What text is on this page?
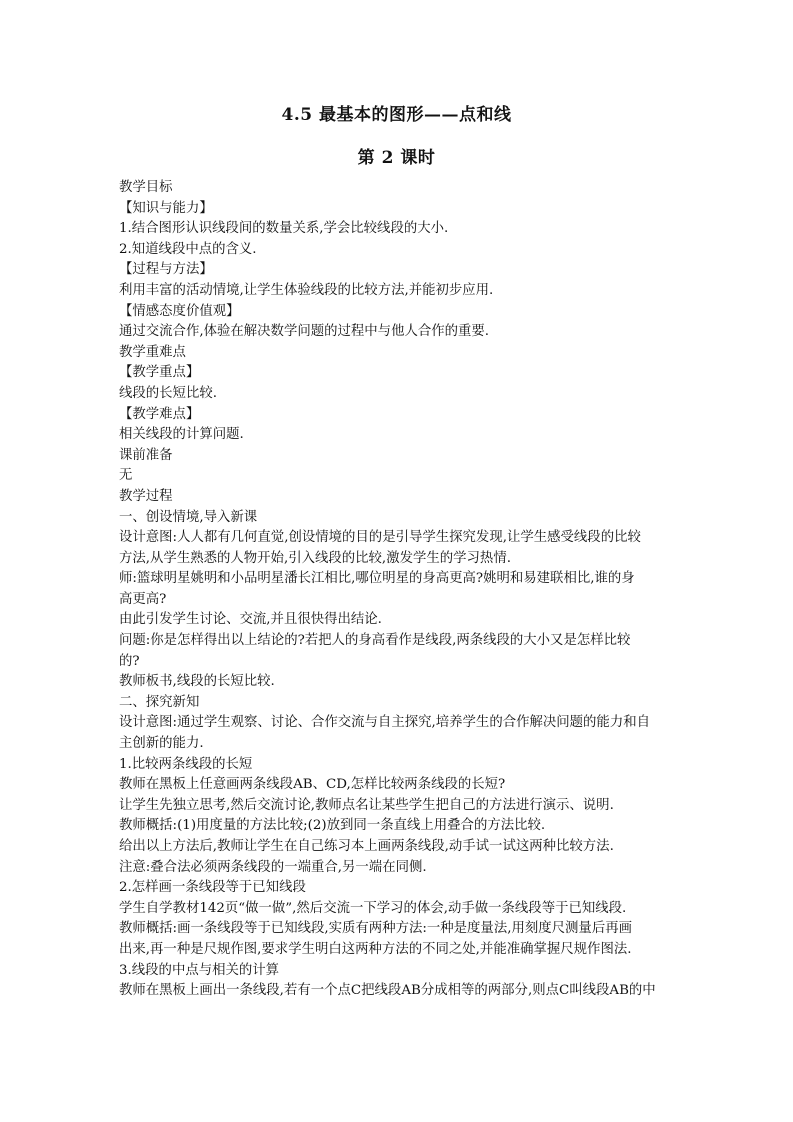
4.5 最基本的图形——点和线
第 2 课时

教学目标

【知识与能力】

1.结合图形认识线段间的数量关系,学会比较线段的大小.

2.知道线段中点的含义.

【过程与方法】

利用丰富的活动情境,让学生体验线段的比较方法,并能初步应用.

【情感态度价值观】

通过交流合作,体验在解决数学问题的过程中与他人合作的重要.

教学重难点

【教学重点】

线段的长短比较.

【教学难点】

相关线段的计算问题.

课前准备

无

教学过程

一、创设情境,导入新课

设计意图:人人都有几何直觉,创设情境的目的是引导学生探究发现,让学生感受线段的比较

方法,从学生熟悉的人物开始,引入线段的比较,激发学生的学习热情.

师:篮球明星姚明和小品明星潘长江相比,哪位明星的身高更高?姚明和易建联相比,谁的身

高更高?

由此引发学生讨论、交流,并且很快得出结论.

问题:你是怎样得出以上结论的?若把人的身高看作是线段,两条线段的大小又是怎样比较

的?

教师板书,线段的长短比较.

二、探究新知

设计意图:通过学生观察、讨论、合作交流与自主探究,培养学生的合作解决问题的能力和自

主创新的能力.

1.比较两条线段的长短

教师在黑板上任意画两条线段AB、CD,怎样比较两条线段的长短?

让学生先独立思考,然后交流讨论,教师点名让某些学生把自己的方法进行演示、说明.

教师概括:(1)用度量的方法比较;(2)放到同一条直线上用叠合的方法比较.

给出以上方法后,教师让学生在自己练习本上画两条线段,动手试一试这两种比较方法.

注意:叠合法必须两条线段的一端重合,另一端在同侧.

2.怎样画一条线段等于已知线段

学生自学教材142页“做一做”,然后交流一下学习的体会,动手做一条线段等于已知线段.

教师概括:画一条线段等于已知线段,实质有两种方法:一种是度量法,用刻度尺测量后再画

出来,再一种是尺规作图,要求学生明白这两种方法的不同之处,并能准确掌握尺规作图法.

3.线段的中点与相关的计算

教师在黑板上画出一条线段,若有一个点C把线段AB分成相等的两部分,则点C叫线段AB的中
